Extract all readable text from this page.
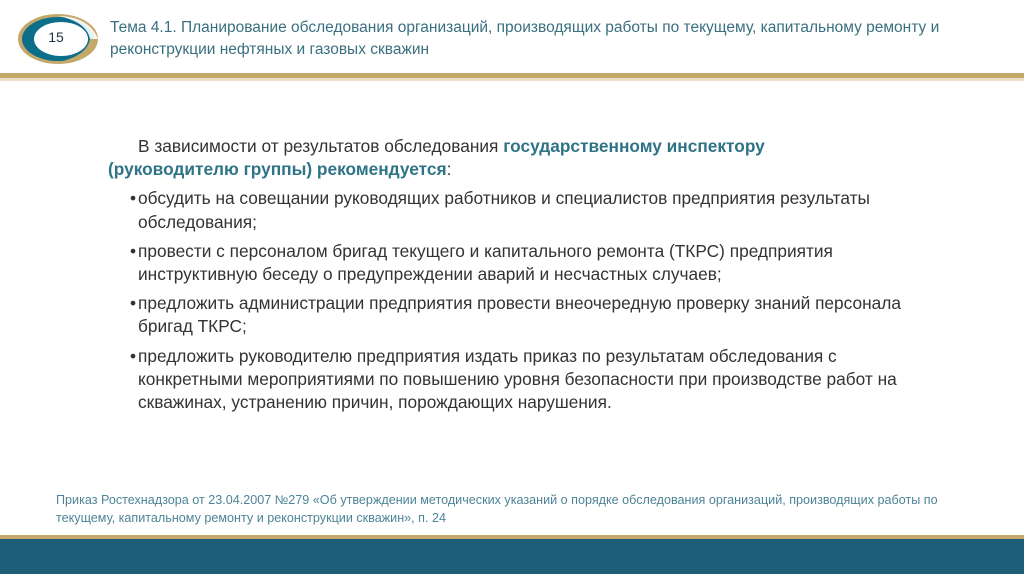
15
Тема 4.1. Планирование обследования организаций, производящих работы по текущему, капитальному ремонту и реконструкции нефтяных и газовых скважин

В зависимости от результатов обследования государственному инспектору
(руководителю группы) рекомендуется:

• обсудить на совещании руководящих работников и специалистов предприятия результаты обследования;

• провести с персоналом бригад текущего и капитального ремонта (ТКРС) предприятия инструктивную беседу о предупреждении аварий и несчастных случаев;

• предложить администрации предприятия провести внеочередную проверку знаний персонала бригад ТКРС;

• предложить руководителю предприятия издать приказ по результатам обследования с конкретными мероприятиями по повышению уровня безопасности при производстве работ на скважинах, устранению причин, порождающих нарушения.

Приказ Ростехнадзора от 23.04.2007 №279 «Об утверждении методических указаний о порядке обследования организаций, производящих работы по текущему, капитальному ремонту и реконструкции скважин», п. 24
